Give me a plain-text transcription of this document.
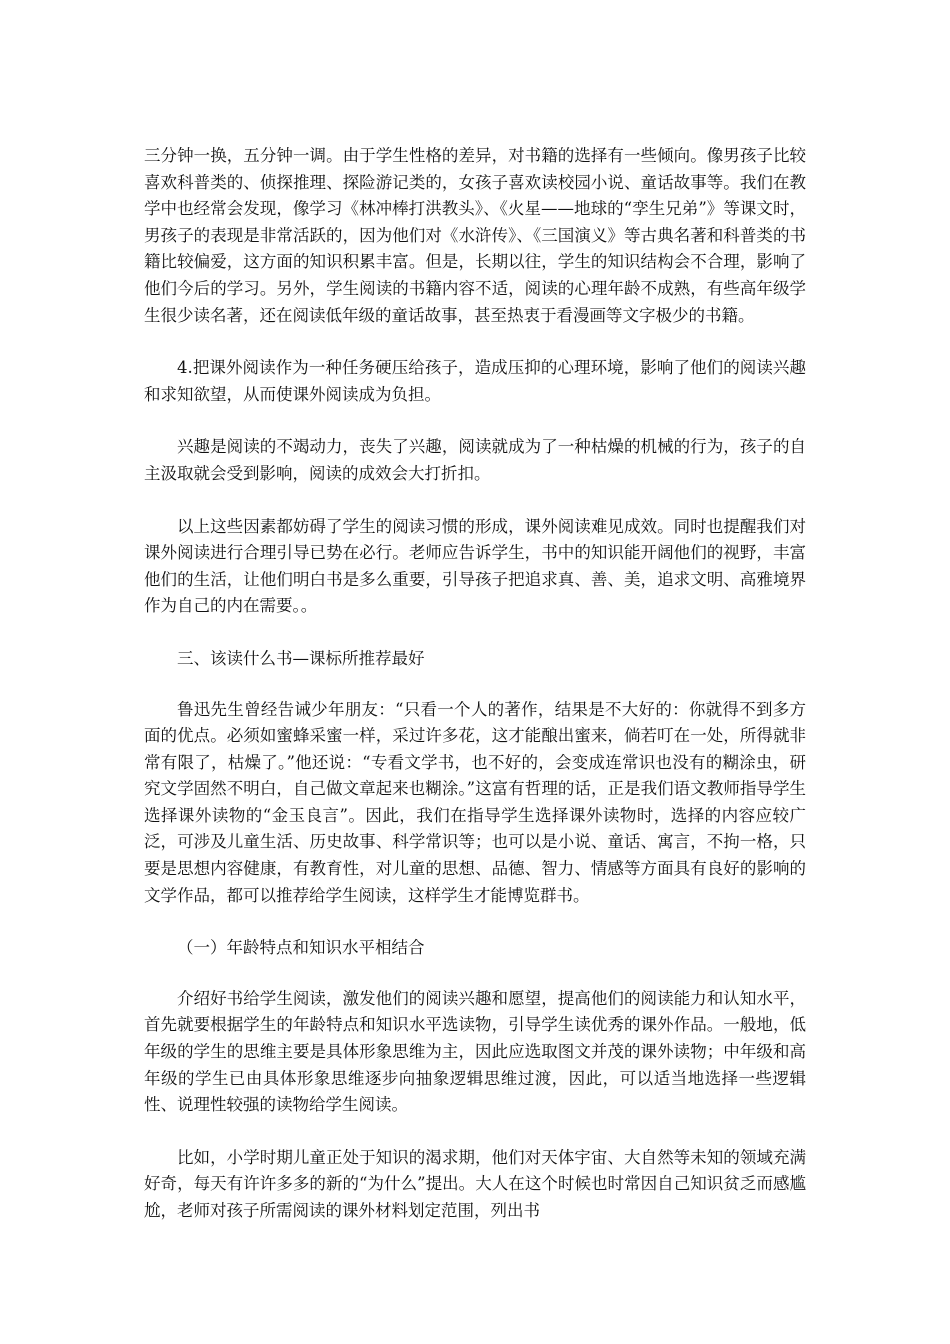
三分钟一换，五分钟一调。由于学生性格的差异，对书籍的选择有一些倾向。像男孩子比较喜欢科普类的、侦探推理、探险游记类的，女孩子喜欢读校园小说、童话故事等。我们在教学中也经常会发现，像学习《林冲棒打洪教头》、《火星——地球的“孪生兄弟”》等课文时，男孩子的表现是非常活跃的，因为他们对《水浒传》、《三国演义》等古典名著和科普类的书籍比较偏爱，这方面的知识积累丰富。但是，长期以往，学生的知识结构会不合理，影响了他们今后的学习。另外，学生阅读的书籍内容不适，阅读的心理年龄不成熟，有些高年级学生很少读名著，还在阅读低年级的童话故事，甚至热衷于看漫画等文字极少的书籍。

4.把课外阅读作为一种任务硬压给孩子，造成压抑的心理环境，影响了他们的阅读兴趣和求知欲望，从而使课外阅读成为负担。

兴趣是阅读的不竭动力，丧失了兴趣，阅读就成为了一种枯燥的机械的行为，孩子的自主汲取就会受到影响，阅读的成效会大打折扣。

以上这些因素都妨碍了学生的阅读习惯的形成，课外阅读难见成效。同时也提醒我们对课外阅读进行合理引导已势在必行。老师应告诉学生，书中的知识能开阔他们的视野，丰富他们的生活，让他们明白书是多么重要，引导孩子把追求真、善、美，追求文明、高雅境界作为自己的内在需要。。

三、该读什么书—课标所推荐最好

鲁迅先生曾经告诫少年朋友：“只看一个人的著作，结果是不大好的：你就得不到多方面的优点。必须如蜜蜂采蜜一样，采过许多花，这才能酿出蜜来，倘若叮在一处，所得就非常有限了，枯燥了。”他还说：“专看文学书，也不好的，会变成连常识也没有的糊涂虫，研究文学固然不明白，自己做文章起来也糊涂。”这富有哲理的话，正是我们语文教师指导学生选择课外读物的“金玉良言”。因此，我们在指导学生选择课外读物时，选择的内容应较广泛，可涉及儿童生活、历史故事、科学常识等；也可以是小说、童话、寓言，不拘一格，只要是思想内容健康，有教育性，对儿童的思想、品德、智力、情感等方面具有良好的影响的文学作品，都可以推荐给学生阅读，这样学生才能博览群书。

（一）年龄特点和知识水平相结合

介绍好书给学生阅读，激发他们的阅读兴趣和愿望，提高他们的阅读能力和认知水平，首先就要根据学生的年龄特点和知识水平选读物，引导学生读优秀的课外作品。一般地，低年级的学生的思维主要是具体形象思维为主，因此应选取图文并茂的课外读物；中年级和高年级的学生已由具体形象思维逐步向抽象逻辑思维过渡，因此，可以适当地选择一些逻辑性、说理性较强的读物给学生阅读。

比如，小学时期儿童正处于知识的渴求期，他们对天体宇宙、大自然等未知的领域充满好奇，每天有许许多多的新的“为什么”提出。大人在这个时候也时常因自己知识贫乏而感尴尬，老师对孩子所需阅读的课外材料划定范围，列出书
